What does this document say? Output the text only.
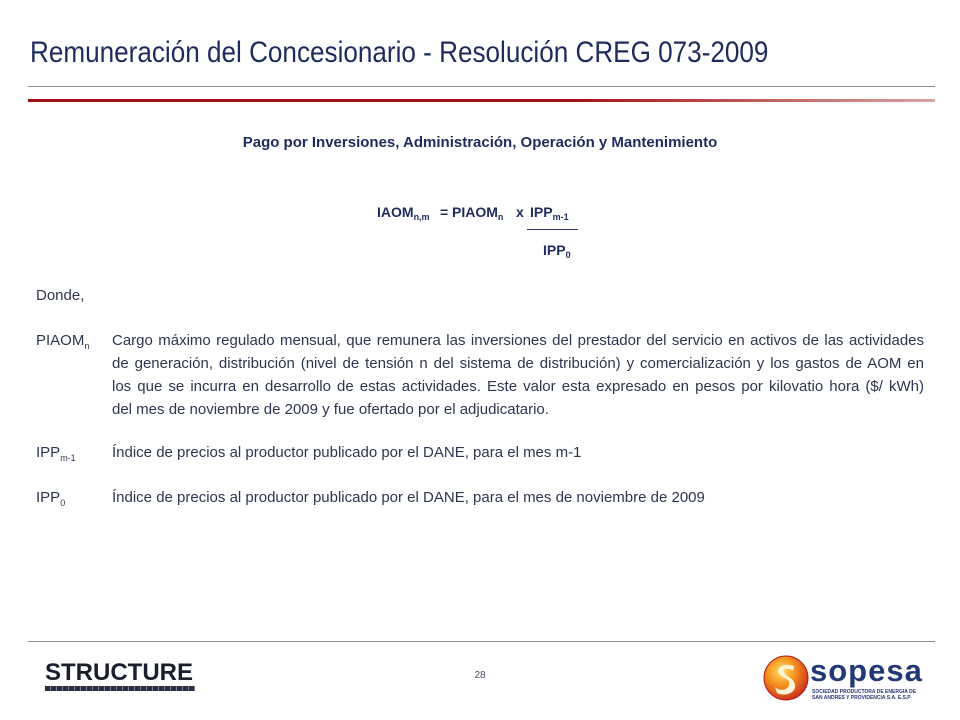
Remuneración del Concesionario - Resolución CREG 073-2009
Pago por Inversiones, Administración, Operación y Mantenimiento
$IAOM_{n,m}$ = $PIAOM_n$ x $IPP_{m-1}$
$IPP_0$
Donde,
$PIAOM_n$ Cargo máximo regulado mensual, que remunera las inversiones del prestador del servicio en activos de las actividades
de generación, distribución (nivel de tensión n del sistema de distribución) y comercialización y los gastos de AOM en
los que se incurra en desarrollo de estas actividades. Este valor esta expresado en pesos por kilovatio hora ($/ kWh)
del mes de noviembre de 2009 y fue ofertado por el adjudicatario.
$IPP_{m-1}$ Índice de precios al productor publicado por el DANE, para el mes m-1
$IPP_0$	Índice de precios al productor publicado por el DANE, para el mes de noviembre de 2009
STRUCTURE	28	sopesa
SOCIEDAD PRODUCTORA DE ENERGIA DE
SAN ANDRES Y PROVIDENCIA S.A. E.S.P
